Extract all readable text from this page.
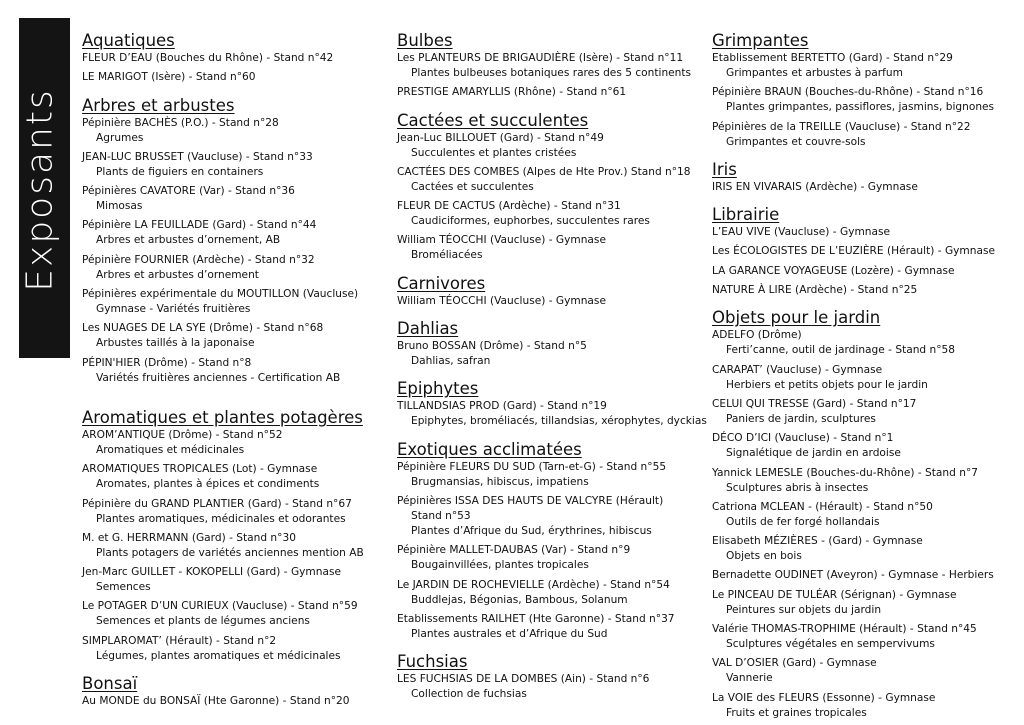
Exposants
Aquatiques
FLEUR D’EAU (Bouches du Rhône) - Stand n°42
LE MARIGOT (Isère) - Stand n°60
Arbres et arbustes
Pépinière BACHÈS (P.O.) - Stand n°28
Agrumes
JEAN-LUC BRUSSET (Vaucluse) - Stand n°33
Plants de figuiers en containers
Pépinières CAVATORE (Var) - Stand n°36
Mimosas
Pépinière LA FEUILLADE (Gard) - Stand n°44
Arbres et arbustes d’ornement, AB
Pépinière FOURNIER (Ardèche) - Stand n°32
Arbres et arbustes d’ornement
Pépinières expérimentale du MOUTILLON (Vaucluse)
Gymnase - Variétés fruitières
Les NUAGES DE LA SYE (Drôme) - Stand n°68
Arbustes taillés à la japonaise
PÉPIN'HIER (Drôme) - Stand n°8
Variétés fruitières anciennes - Certification AB
Aromatiques et plantes potagères
AROM’ANTIQUE (Drôme) - Stand n°52
Aromatiques et médicinales
AROMATIQUES TROPICALES (Lot) - Gymnase
Aromates, plantes à épices et condiments
Pépinière du GRAND PLANTIER (Gard) - Stand n°67
Plantes aromatiques, médicinales et odorantes
M. et G. HERRMANN (Gard) - Stand n°30
Plants potagers de variétés anciennes mention AB
Jen-Marc GUILLET - KOKOPELLI (Gard) - Gymnase
Semences
Le POTAGER D’UN CURIEUX (Vaucluse) - Stand n°59
Semences et plants de légumes anciens
SIMPLAROMAT’ (Hérault) - Stand n°2
Légumes, plantes aromatiques et médicinales
Bonsaï
Au MONDE du BONSAÏ (Hte Garonne) - Stand n°20
Bulbes
Les PLANTEURS DE BRIGAUDIÈRE (Isère) - Stand n°11
Plantes bulbeuses botaniques rares des 5 continents
PRESTIGE AMARYLLIS (Rhône) - Stand n°61
Cactées et succulentes
Jean-Luc BILLOUET (Gard) - Stand n°49
Succulentes et plantes cristées
CACTÉES DES COMBES (Alpes de Hte Prov.) Stand n°18
Cactées et succulentes
FLEUR DE CACTUS (Ardèche) - Stand n°31
Caudiciformes, euphorbes, succulentes rares
William TÉOCCHI (Vaucluse) - Gymnase
Broméliacées
Carnivores
William TÉOCCHI (Vaucluse) - Gymnase
Dahlias
Bruno BOSSAN (Drôme) - Stand n°5
Dahlias, safran
Epiphytes
TILLANDSIAS PROD (Gard) - Stand n°19
Epiphytes, broméliacés, tillandsias, xérophytes, dyckias
Exotiques acclimatées
Pépinière FLEURS DU SUD (Tarn-et-G) - Stand n°55
Brugmansias, hibiscus, impatiens
Pépinières ISSA DES HAUTS DE VALCYRE (Hérault)
Stand n°53
Plantes d’Afrique du Sud, érythrines, hibiscus
Pépinière MALLET-DAUBAS (Var) - Stand n°9
Bougainvillées, plantes tropicales
Le JARDIN DE ROCHEVIELLE (Ardèche) - Stand n°54
Buddlejas, Bégonias, Bambous, Solanum
Etablissements RAILHET (Hte Garonne) - Stand n°37
Plantes australes et d’Afrique du Sud
Fuchsias
LES FUCHSIAS DE LA DOMBES (Ain) - Stand n°6
Collection de fuchsias
Grimpantes
Etablissement BERTETTO (Gard) - Stand n°29
Grimpantes et arbustes à parfum
Pépinière BRAUN (Bouches-du-Rhône) - Stand n°16
Plantes grimpantes, passiflores, jasmins, bignones
Pépinières de la TREILLE (Vaucluse) - Stand n°22
Grimpantes et couvre-sols
Iris
IRIS EN VIVARAIS (Ardèche) - Gymnase
Librairie
L’EAU VIVE (Vaucluse) - Gymnase
Les ÉCOLOGISTES DE L’EUZIÈRE (Hérault) - Gymnase
LA GARANCE VOYAGEUSE (Lozère) - Gymnase
NATURE À LIRE (Ardèche) - Stand n°25
Objets pour le jardin
ADELFO (Drôme)
Ferti’canne, outil de jardinage - Stand n°58
CARAPAT’ (Vaucluse) - Gymnase
Herbiers et petits objets pour le jardin
CELUI QUI TRESSE (Gard) - Stand n°17
Paniers de jardin, sculptures
DÉCO D’ICI (Vaucluse) - Stand n°1
Signalétique de jardin en ardoise
Yannick LEMESLE (Bouches-du-Rhône) - Stand n°7
Sculptures abris à insectes
Catriona MCLEAN - (Hérault) - Stand n°50
Outils de fer forgé hollandais
Elisabeth MÉZIÈRES - (Gard) - Gymnase
Objets en bois
Bernadette OUDINET (Aveyron) - Gymnase - Herbiers
Le PINCEAU DE TULÉAR (Sérignan) - Gymnase
Peintures sur objets du jardin
Valérie THOMAS-TROPHIME (Hérault) - Stand n°45
Sculptures végétales en sempervivums
VAL D’OSIER (Gard) - Gymnase
Vannerie
La VOIE des FLEURS (Essonne) - Gymnase
Fruits et graines tropicales
